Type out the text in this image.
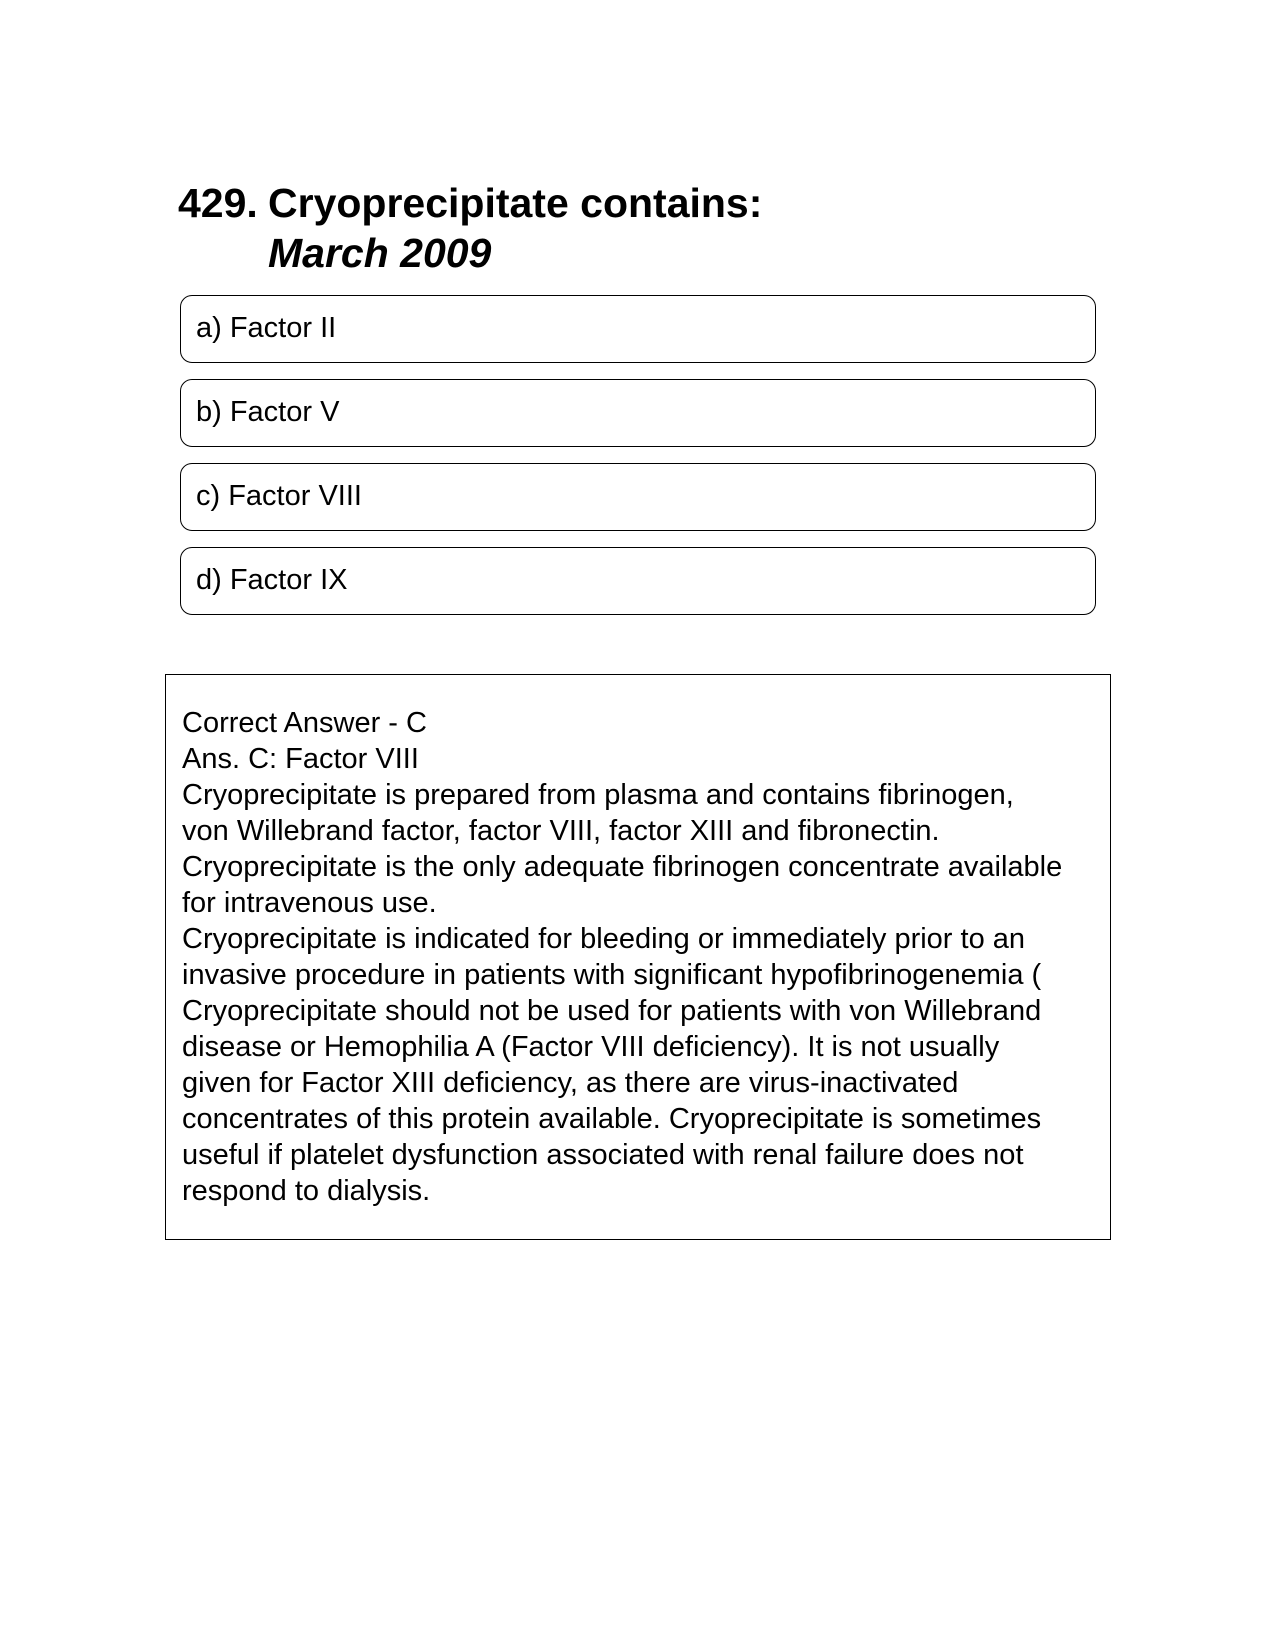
429. Cryoprecipitate contains:
March 2009
a) Factor II
b) Factor V
c) Factor VIII
d) Factor IX

Correct Answer - C

Ans. C: Factor VIII

Cryoprecipitate is prepared from plasma and contains fibrinogen,

von Willebrand factor, factor VIII, factor XIII and fibronectin.

Cryoprecipitate is the only adequate fibrinogen concentrate available

for intravenous use.

Cryoprecipitate is indicated for bleeding or immediately prior to an

invasive procedure in patients with significant hypofibrinogenemia (

Cryoprecipitate should not be used for patients with von Willebrand

disease or Hemophilia A (Factor VIII deficiency). It is not usually

given for Factor XIII deficiency, as there are virus-inactivated

concentrates of this protein available. Cryoprecipitate is sometimes

useful if platelet dysfunction associated with renal failure does not

respond to dialysis.
